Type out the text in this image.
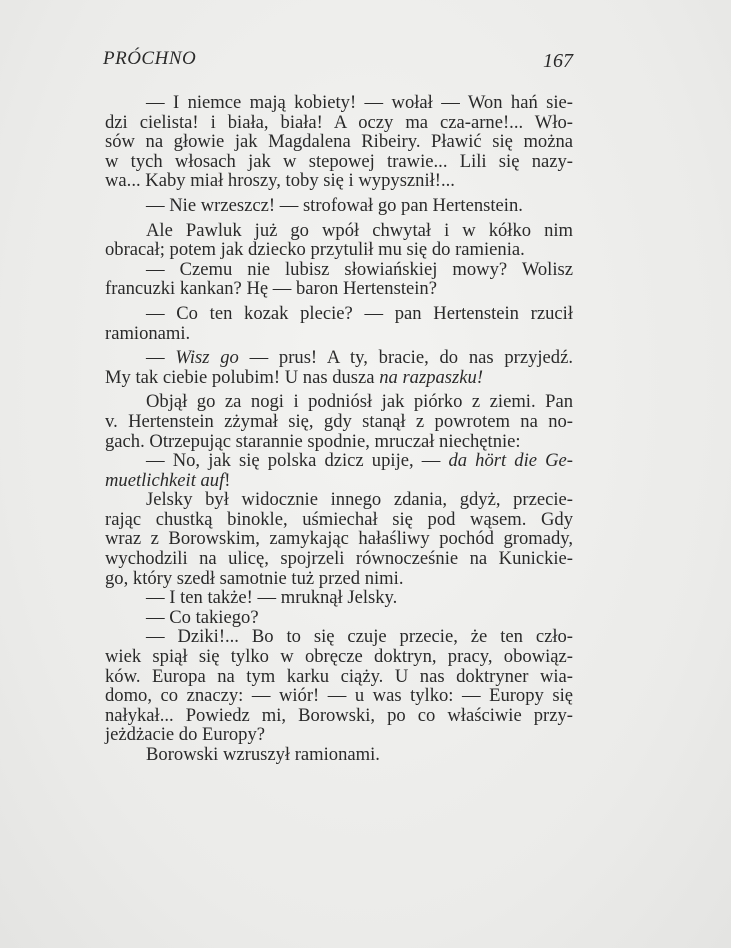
PRÓCHNO	167

— I niemce mają kobiety! — wołał — Won hań sie-
dzi cielista! i biała, biała! A oczy ma cza-arne!... Wło-
sów na głowie jak Magdalena Ribeiry. Pławić się można
w tych włosach jak w stepowej trawie... Lili się nazy-
wa... Kaby miał hroszy, toby się i wypysznił!...

— Nie wrzeszcz! — strofował go pan Hertenstein.

Ale Pawluk już go wpół chwytał i w kółko nim
obracał; potem jak dziecko przytulił mu się do ramienia.

— Czemu nie lubisz słowiańskiej mowy? Wolisz
francuzki kankan? Hę — baron Hertenstein?

— Co ten kozak plecie? — pan Hertenstein rzucił
ramionami.

— Wisz go — prus! A ty, bracie, do nas przyjedź.
My tak ciebie polubim! U nas dusza na razpaszku!

Objął go za nogi i podniósł jak piórko z ziemi. Pan
v. Hertenstein zżymał się, gdy stanął z powrotem na no-
gach. Otrzepując starannie spodnie, mruczał niechętnie:

— No, jak się polska dzicz upije, — da hört die Ge-
muetlichkeit auf!

Jelsky był widocznie innego zdania, gdyż, przecie-
rając chustką binokle, uśmiechał się pod wąsem. Gdy
wraz z Borowskim, zamykając hałaśliwy pochód gromady,
wychodzili na ulicę, spojrzeli równocześnie na Kunickie-
go, który szedł samotnie tuż przed nimi.

— I ten także! — mruknął Jelsky.

— Co takiego?

— Dziki!... Bo to się czuje przecie, że ten czło-
wiek spiął się tylko w obręcze doktryn, pracy, obowiąz-
ków. Europa na tym karku ciąży. U nas doktryner wia-
domo, co znaczy: — wiór! — u was tylko: — Europy się
nałykał... Powiedz mi, Borowski, po co właściwie przy-
jeżdżacie do Europy?

Borowski wzruszył ramionami.
